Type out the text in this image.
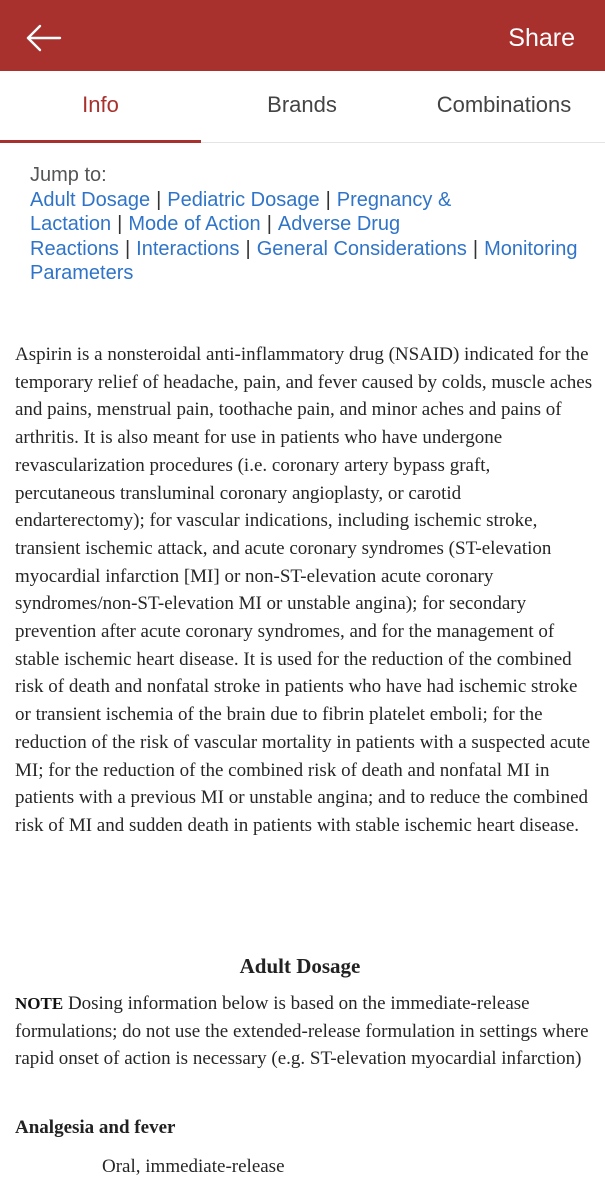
Share
Info	Brands	Combinations
Jump to:
Adult Dosage | Pediatric Dosage | Pregnancy & Lactation | Mode of Action | Adverse Drug Reactions | Interactions | General Considerations | Monitoring Parameters

Aspirin is a nonsteroidal anti-inflammatory drug (NSAID) indicated for the temporary relief of headache, pain, and fever caused by colds, muscle aches and pains, menstrual pain, toothache pain, and minor aches and pains of arthritis. It is also meant for use in patients who have undergone revascularization procedures (i.e. coronary artery bypass graft, percutaneous transluminal coronary angioplasty, or carotid endarterectomy); for vascular indications, including ischemic stroke, transient ischemic attack, and acute coronary syndromes (ST-elevation myocardial infarction [MI] or non-ST-elevation acute coronary syndromes/non-ST-elevation MI or unstable angina); for secondary prevention after acute coronary syndromes, and for the management of stable ischemic heart disease. It is used for the reduction of the combined risk of death and nonfatal stroke in patients who have had ischemic stroke or transient ischemia of the brain due to fibrin platelet emboli; for the reduction of the risk of vascular mortality in patients with a suspected acute MI; for the reduction of the combined risk of death and nonfatal MI in patients with a previous MI or unstable angina; and to reduce the combined risk of MI and sudden death in patients with stable ischemic heart disease.

Adult Dosage

NOTE Dosing information below is based on the immediate-release formulations; do not use the extended-release formulation in settings where rapid onset of action is necessary (e.g. ST-elevation myocardial infarction)

Analgesia and fever

Oral, immediate-release
